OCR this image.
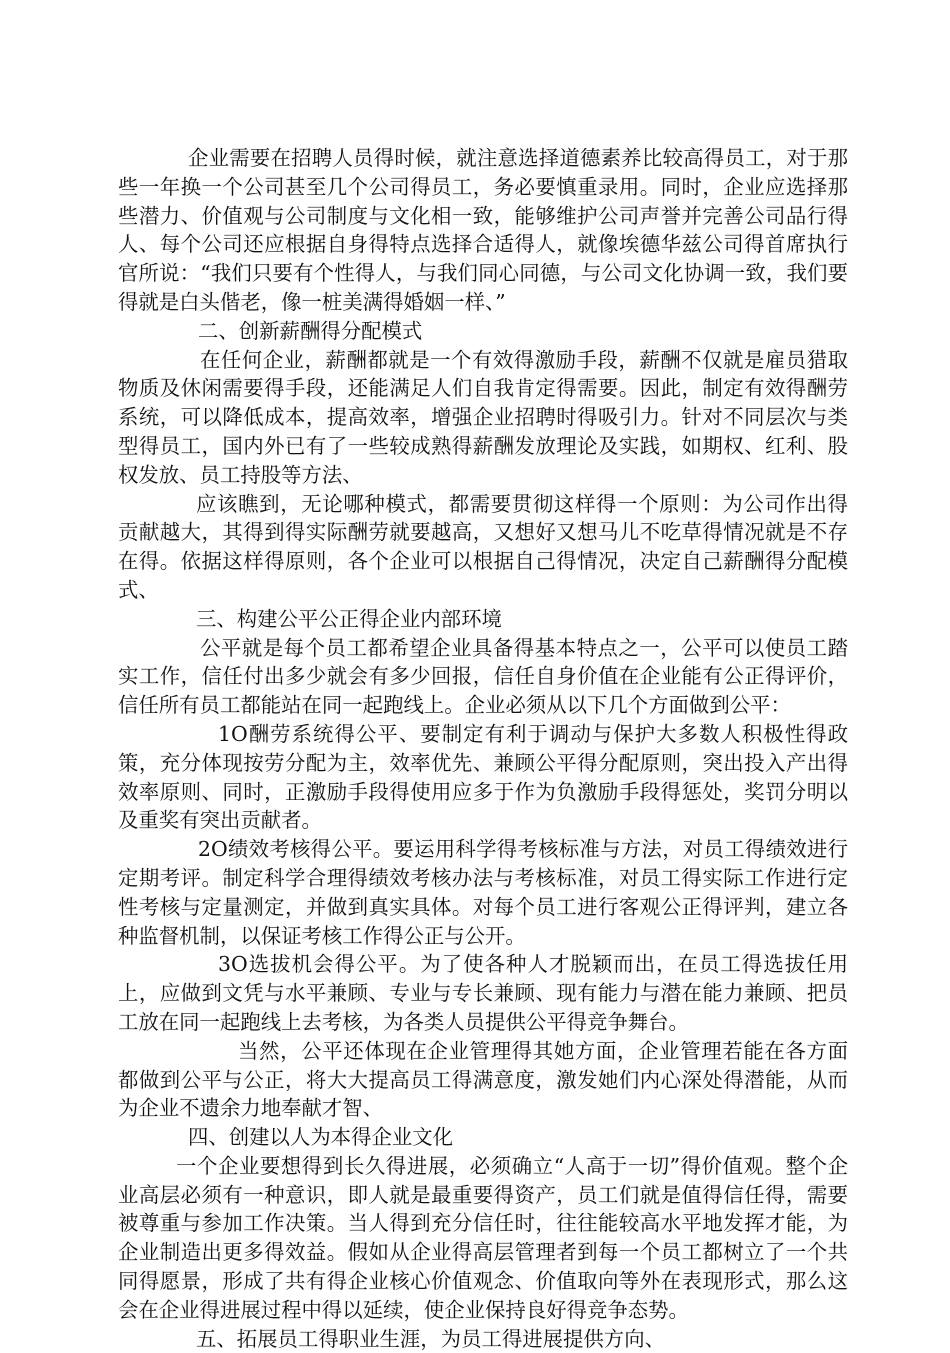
企业需要在招聘人员得时候，就注意选择道德素养比较高得员工，对于那些一年换一个公司甚至几个公司得员工，务必要慎重录用。同时，企业应选择那些潜力、价值观与公司制度与文化相一致，能够维护公司声誉并完善公司品行得人、每个公司还应根据自身得特点选择合适得人，就像埃德华兹公司得首席执行官所说：“我们只要有个性得人，与我们同心同德，与公司文化协调一致，我们要得就是白头偕老，像一桩美满得婚姻一样、”

二、创新薪酬得分配模式

在任何企业，薪酬都就是一个有效得激励手段，薪酬不仅就是雇员猎取物质及休闲需要得手段，还能满足人们自我肯定得需要。因此，制定有效得酬劳系统，可以降低成本，提高效率，增强企业招聘时得吸引力。针对不同层次与类型得员工，国内外已有了一些较成熟得薪酬发放理论及实践，如期权、红利、股权发放、员工持股等方法、

应该瞧到，无论哪种模式，都需要贯彻这样得一个原则：为公司作出得贡献越大，其得到得实际酬劳就要越高，又想好又想马儿不吃草得情况就是不存在得。依据这样得原则，各个企业可以根据自己得情况，决定自己薪酬得分配模式、

三、构建公平公正得企业内部环境

公平就是每个员工都希望企业具备得基本特点之一，公平可以使员工踏实工作，信任付出多少就会有多少回报，信任自身价值在企业能有公正得评价，信任所有员工都能站在同一起跑线上。企业必须从以下几个方面做到公平：

1O酬劳系统得公平、要制定有利于调动与保护大多数人积极性得政策，充分体现按劳分配为主，效率优先、兼顾公平得分配原则，突出投入产出得效率原则、同时，正激励手段得使用应多于作为负激励手段得惩处，奖罚分明以及重奖有突出贡献者。

2O绩效考核得公平。要运用科学得考核标准与方法，对员工得绩效进行定期考评。制定科学合理得绩效考核办法与考核标准，对员工得实际工作进行定性考核与定量测定，并做到真实具体。对每个员工进行客观公正得评判，建立各种监督机制，以保证考核工作得公正与公开。

3O选拔机会得公平。为了使各种人才脱颖而出，在员工得选拔任用上，应做到文凭与水平兼顾、专业与专长兼顾、现有能力与潜在能力兼顾、把员工放在同一起跑线上去考核，为各类人员提供公平得竞争舞台。

当然，公平还体现在企业管理得其她方面，企业管理若能在各方面都做到公平与公正，将大大提高员工得满意度，激发她们内心深处得潜能，从而为企业不遗余力地奉献才智、

四、创建以人为本得企业文化

一个企业要想得到长久得进展，必须确立“人高于一切”得价值观。整个企业高层必须有一种意识，即人就是最重要得资产，员工们就是值得信任得，需要被尊重与参加工作决策。当人得到充分信任时，往往能较高水平地发挥才能，为企业制造出更多得效益。假如从企业得高层管理者到每一个员工都树立了一个共同得愿景，形成了共有得企业核心价值观念、价值取向等外在表现形式，那么这会在企业得进展过程中得以延续，使企业保持良好得竞争态势。

五、拓展员工得职业生涯，为员工得进展提供方向、
